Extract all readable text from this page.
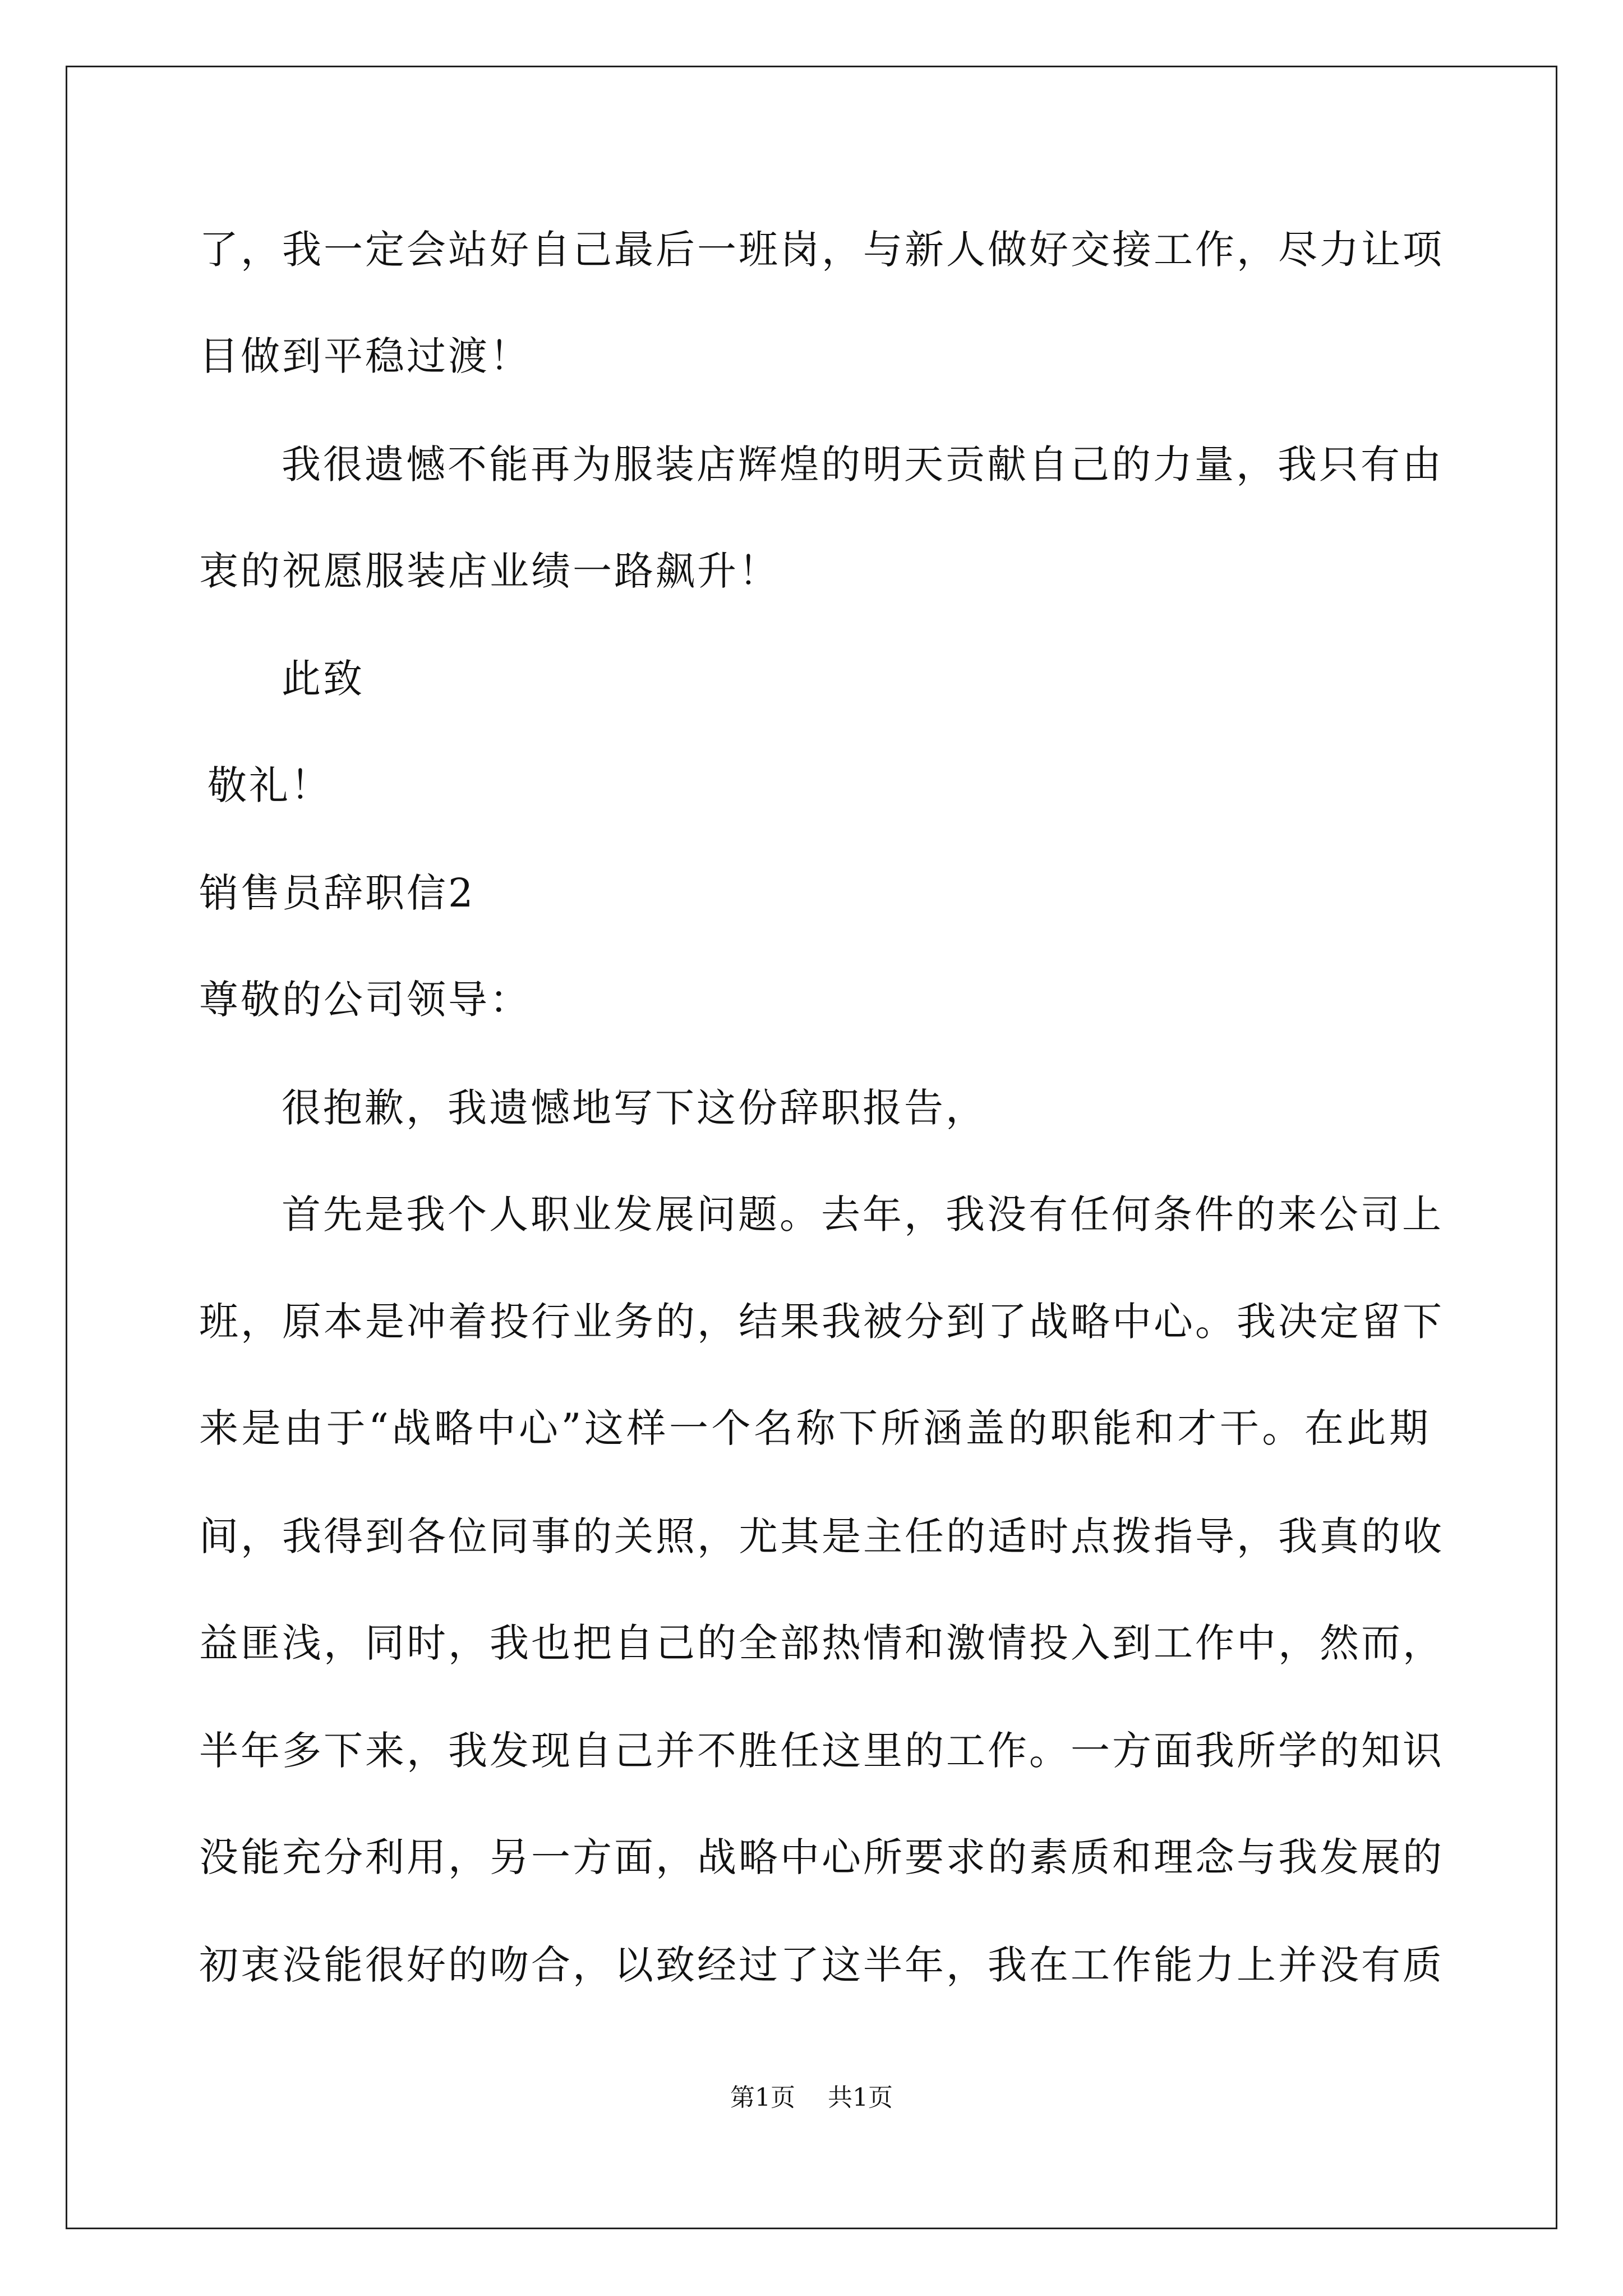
了，我一定会站好自己最后一班岗，与新人做好交接工作，尽力让项
目做到平稳过渡！
我很遗憾不能再为服装店辉煌的明天贡献自己的力量，我只有由
衷的祝愿服装店业绩一路飙升！
此致
敬礼！
销售员辞职信2
尊敬的公司领导：
很抱歉，我遗憾地写下这份辞职报告，
首先是我个人职业发展问题。去年，我没有任何条件的来公司上
班，原本是冲着投行业务的，结果我被分到了战略中心。我决定留下
来是由于“战略中心”这样一个名称下所涵盖的职能和才干。在此期
间，我得到各位同事的关照，尤其是主任的适时点拨指导，我真的收
益匪浅，同时，我也把自己的全部热情和激情投入到工作中，然而，
半年多下来，我发现自己并不胜任这里的工作。一方面我所学的知识
没能充分利用，另一方面，战略中心所要求的素质和理念与我发展的
初衷没能很好的吻合，以致经过了这半年，我在工作能力上并没有质
第1页 共1页
